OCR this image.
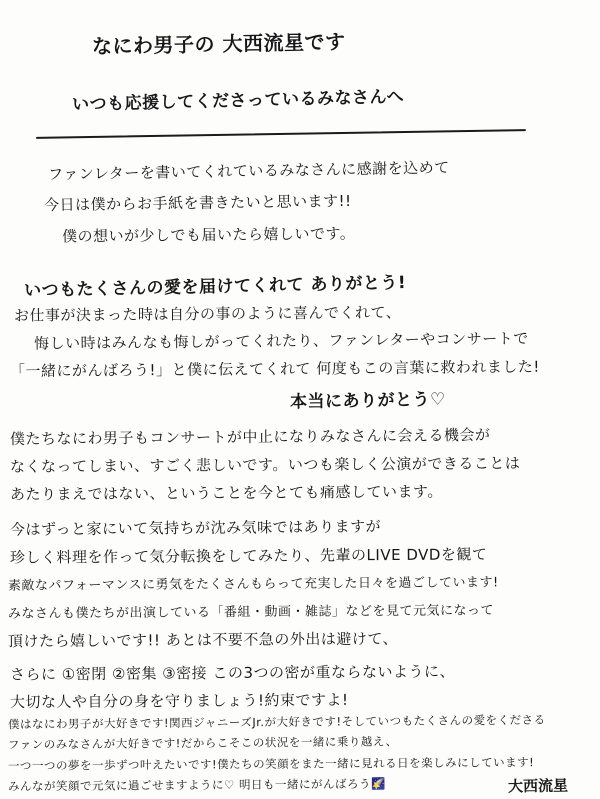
なにわ男子の 大西流星です
いつも応援してくださっているみなさんへ
ファンレターを書いてくれているみなさんに感謝を込めて
今日は僕からお手紙を書きたいと思います!!
僕の想いが少しでも届いたら嬉しいです。
いつもたくさんの愛を届けてくれて ありがとう!
お仕事が決まった時は自分の事のように喜んでくれて、
悔しい時はみんなも悔しがってくれたり、ファンレターやコンサートで
「一緒にがんばろう!」と僕に伝えてくれて 何度もこの言葉に救われました!
本当にありがとう♡
僕たちなにわ男子もコンサートが中止になりみなさんに会える機会が
なくなってしまい、すごく悲しいです。いつも楽しく公演ができることは
あたりまえではない、ということを今とても痛感しています。
今はずっと家にいて気持ちが沈み気味ではありますが
珍しく料理を作って気分転換をしてみたり、先輩のLIVE DVDを観て
素敵なパフォーマンスに勇気をたくさんもらって充実した日々を過ごしています!
みなさんも僕たちが出演している「番組・動画・雑誌」などを見て元気になって
頂けたら嬉しいです!! あとは不要不急の外出は避けて、
さらに ①密閉 ②密集 ③密接 この3つの密が重ならないように、
大切な人や自分の身を守りましょう!約束ですよ!
僕はなにわ男子が大好きです!関西ジャニーズJr.が大好きです!そしていつもたくさんの愛をくださる
ファンのみなさんが大好きです!だからこそこの状況を一緒に乗り越え、
一つ一つの夢を一歩ずつ叶えたいです!僕たちの笑顔をまた一緒に見れる日を楽しみにしています!
みんなが笑顔で元気に過ごせますように♡ 明日も一緒にがんばろう🌠	大西流星
